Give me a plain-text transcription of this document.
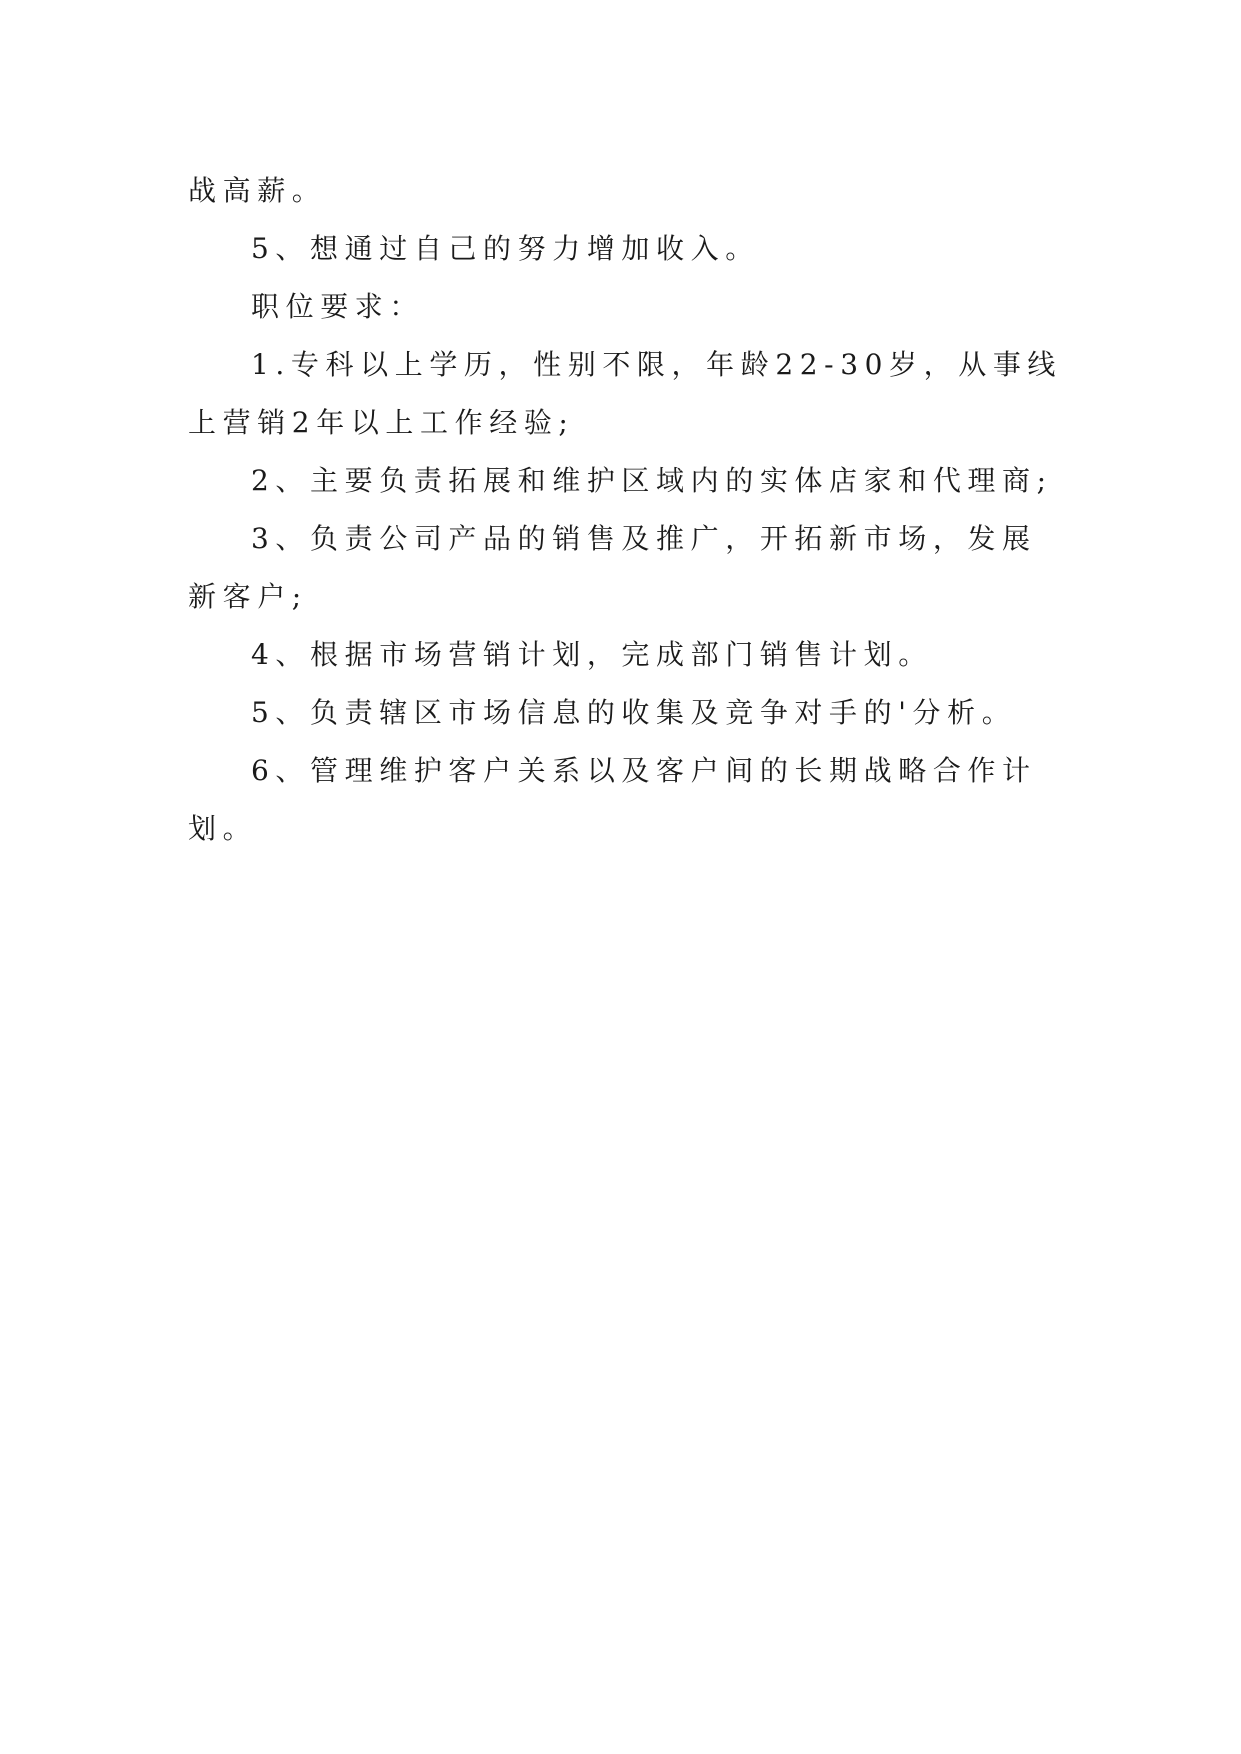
战高薪。

5、想通过自己的努力增加收入。

职位要求：

1.专科以上学历，性别不限，年龄22-30岁，从事线上营销2年以上工作经验;

2、主要负责拓展和维护区域内的实体店家和代理商;

3、负责公司产品的销售及推广，开拓新市场，发展新客户;

4、根据市场营销计划，完成部门销售计划。

5、负责辖区市场信息的收集及竞争对手的'分析。

6、管理维护客户关系以及客户间的长期战略合作计划。
